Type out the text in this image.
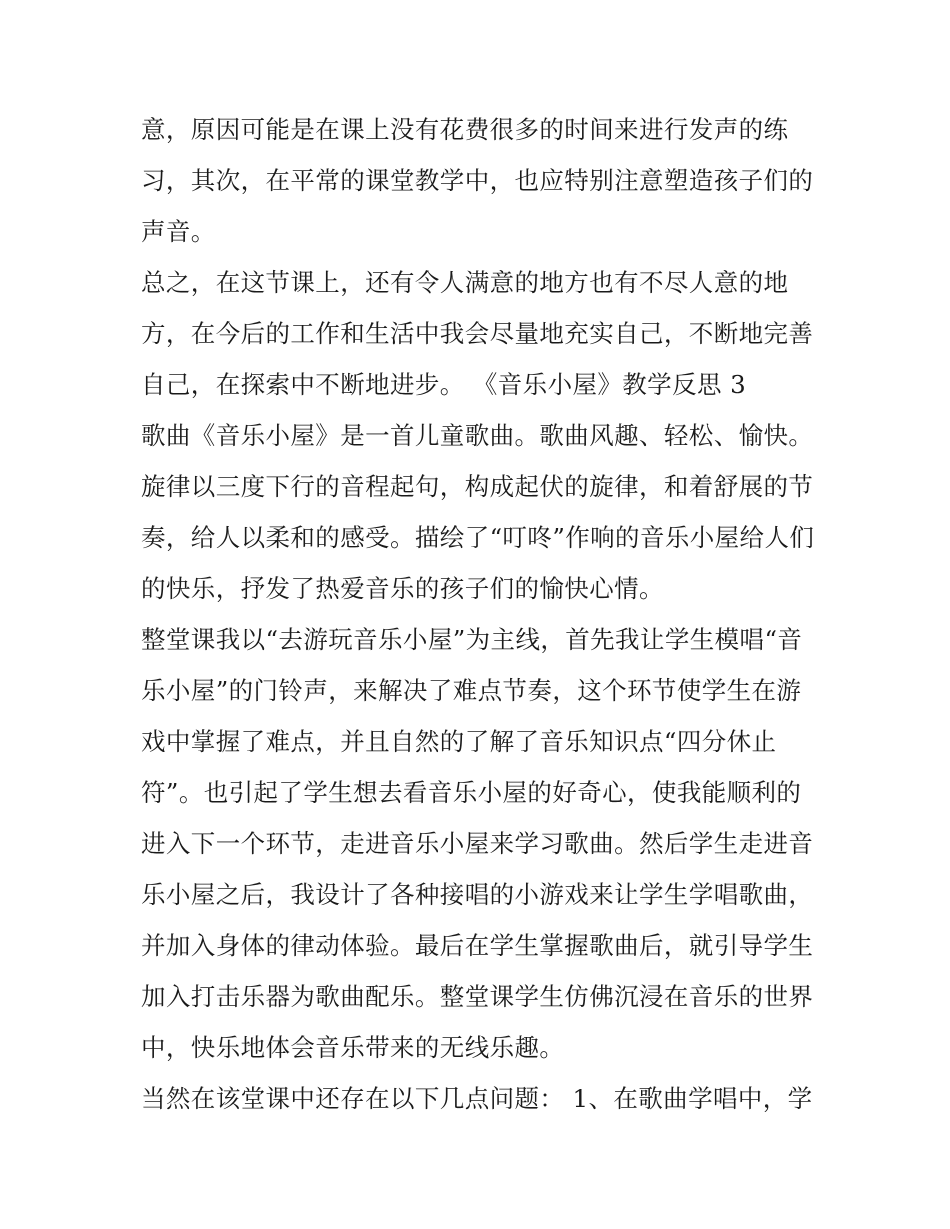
意，原因可能是在课上没有花费很多的时间来进行发声的练
习，其次，在平常的课堂教学中，也应特别注意塑造孩子们的
声音。
总之，在这节课上，还有令人满意的地方也有不尽人意的地
方，在今后的工作和生活中我会尽量地充实自己，不断地完善
自己，在探索中不断地进步。 《音乐小屋》教学反思 3
歌曲《音乐小屋》是一首儿童歌曲。歌曲风趣、轻松、愉快。
旋律以三度下行的音程起句，构成起伏的旋律，和着舒展的节
奏，给人以柔和的感受。描绘了“叮咚”作响的音乐小屋给人们
的快乐，抒发了热爱音乐的孩子们的愉快心情。
整堂课我以“去游玩音乐小屋”为主线，首先我让学生模唱“音
乐小屋”的门铃声，来解决了难点节奏，这个环节使学生在游
戏中掌握了难点，并且自然的了解了音乐知识点“四分休止
符”。也引起了学生想去看音乐小屋的好奇心，使我能顺利的
进入下一个环节，走进音乐小屋来学习歌曲。然后学生走进音
乐小屋之后，我设计了各种接唱的小游戏来让学生学唱歌曲，
并加入身体的律动体验。最后在学生掌握歌曲后，就引导学生
加入打击乐器为歌曲配乐。整堂课学生仿佛沉浸在音乐的世界
中，快乐地体会音乐带来的无线乐趣。
当然在该堂课中还存在以下几点问题： 1、在歌曲学唱中，学
